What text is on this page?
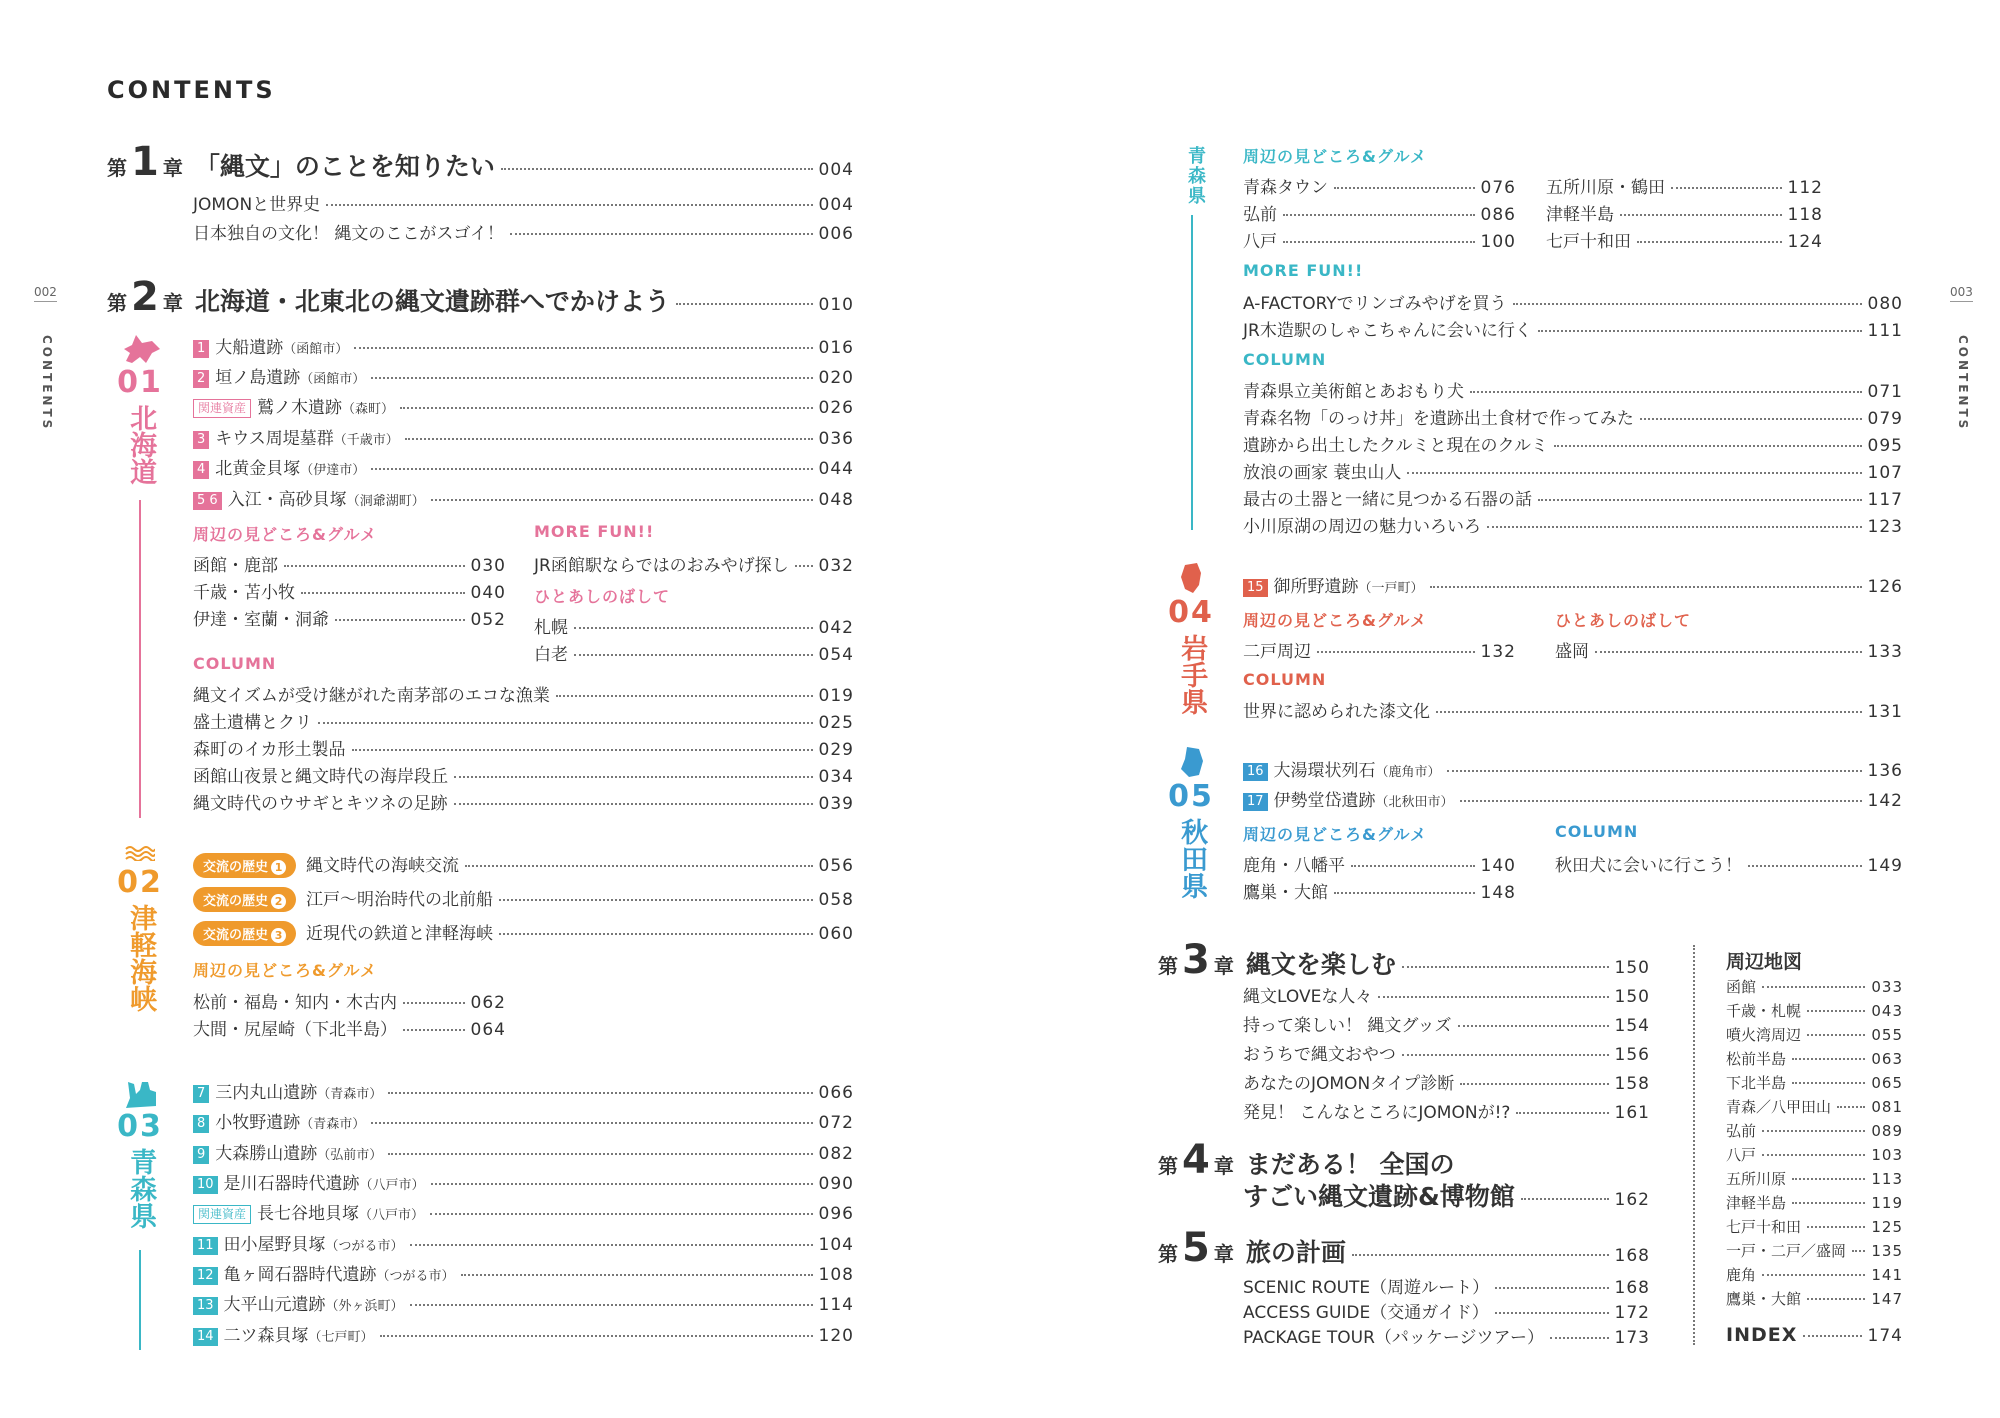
CONTENTS
002
CONTENTS
第 1 章 「縄文」のことを知りたい	004
JOMONと世界史	004
日本独自の文化！ 縄文のここがスゴイ！	006
第 2 章 北海道・北東北の縄文遺跡群へでかけよう	010
01
北海道
1 大船遺跡（函館市）	016
2 垣ノ島遺跡（函館市）	020
関連資産 鷲ノ木遺跡（森町）	026
3 キウス周堤墓群（千歳市）	036
4 北黄金貝塚（伊達市）	044
5 6 入江・高砂貝塚（洞爺湖町）	048
周辺の見どころ&グルメ
函館・鹿部	030
千歳・苫小牧	040
伊達・室蘭・洞爺	052
MORE FUN!!
JR函館駅ならではのおみやげ探し 032
ひとあしのばして
札幌	042
白老	054
COLUMN
縄文イズムが受け継がれた南茅部のエコな漁業	019
盛土遺構とクリ	025
森町のイカ形土製品	029
函館山夜景と縄文時代の海岸段丘	034
縄文時代のウサギとキツネの足跡	039
02
津軽海峡
交流の歴史 1 縄文時代の海峡交流	056
交流の歴史 2 江戸〜明治時代の北前船	058
交流の歴史 3 近現代の鉄道と津軽海峡	060
周辺の見どころ&グルメ
松前・福島・知内・木古内	062
大間・尻屋崎（下北半島）	064
03
青森県
7 三内丸山遺跡（青森市）	066
8 小牧野遺跡（青森市）	072
9 大森勝山遺跡（弘前市）	082
10 是川石器時代遺跡（八戸市）	090
関連資産 長七谷地貝塚（八戸市）	096
11 田小屋野貝塚（つがる市）	104
12 亀ヶ岡石器時代遺跡（つがる市）	108
13 大平山元遺跡（外ヶ浜町）	114
14 二ツ森貝塚（七戸町）	120
003
CONTENTS
青森県 周辺の見どころ&グルメ
青森タウン	076
弘前	086
八戸	100
五所川原・鶴田	112
津軽半島	118
七戸十和田	124
MORE FUN!!
A-FACTORYでリンゴみやげを買う	080
JR木造駅のしゃこちゃんに会いに行く	111
COLUMN
青森県立美術館とあおもり犬	071
青森名物「のっけ丼」を遺跡出土食材で作ってみた	079
遺跡から出土したクルミと現在のクルミ	095
放浪の画家 蓑虫山人	107
最古の土器と一緒に見つかる石器の話	117
小川原湖の周辺の魅力いろいろ	123
04
岩手県
15 御所野遺跡（一戸町）	126
周辺の見どころ&グルメ
二戸周辺	132
ひとあしのばして
盛岡	133
COLUMN
世界に認められた漆文化	131
05
秋田県
16 大湯環状列石（鹿角市）	136
17 伊勢堂岱遺跡（北秋田市）	142
周辺の見どころ&グルメ
鹿角・八幡平	140
鷹巣・大館	148
COLUMN
秋田犬に会いに行こう！	149
第 3 章 縄文を楽しむ	150
縄文LOVEな人々	150
持って楽しい！ 縄文グッズ	154
おうちで縄文おやつ	156
あなたのJOMONタイプ診断	158
発見！ こんなところにJOMONが!?	161
第 4 章 まだある！ 全国の
すごい縄文遺跡&博物館	162
第 5 章 旅の計画	168
SCENIC ROUTE（周遊ルート）	168
ACCESS GUIDE（交通ガイド）	172
PACKAGE TOUR（パッケージツアー）	173
周辺地図
函館	033
千歳・札幌	043
噴火湾周辺	055
松前半島	063
下北半島	065
青森／八甲田山	081
弘前	089
八戸	103
五所川原	113
津軽半島	119
七戸十和田	125
一戸・二戸／盛岡 135
鹿角	141
鷹巣・大館	147
INDEX	174
